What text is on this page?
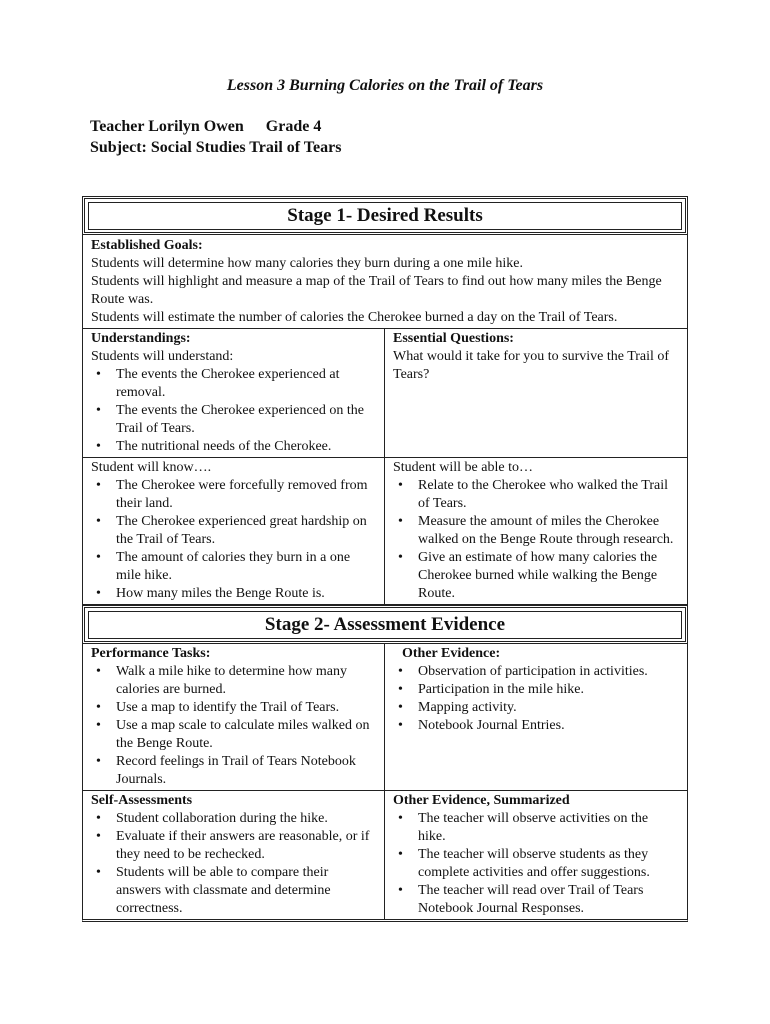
Lesson 3 Burning Calories on the Trail of Tears
Teacher Lorilyn Owen Grade 4
Subject: Social Studies Trail of Tears
Stage 1- Desired Results
Established Goals:
Students will determine how many calories they burn during a one mile hike.
Students will highlight and measure a map of the Trail of Tears to find out how many miles the Benge Route was.
Students will estimate the number of calories the Cherokee burned a day on the Trail of Tears.
Understandings:
Students will understand:
• The events the Cherokee experienced at removal.
• The events the Cherokee experienced on the Trail of Tears.
• The nutritional needs of the Cherokee.
Essential Questions:
What would it take for you to survive the Trail of Tears?
Student will know….
• The Cherokee were forcefully removed from their land.
• The Cherokee experienced great hardship on the Trail of Tears.
• The amount of calories they burn in a one mile hike.
• How many miles the Benge Route is.
Student will be able to…
• Relate to the Cherokee who walked the Trail of Tears.
• Measure the amount of miles the Cherokee walked on the Benge Route through research.
• Give an estimate of how many calories the Cherokee burned while walking the Benge Route.
Stage 2- Assessment Evidence
Performance Tasks:
• Walk a mile hike to determine how many calories are burned.
• Use a map to identify the Trail of Tears.
• Use a map scale to calculate miles walked on the Benge Route.
• Record feelings in Trail of Tears Notebook Journals.
Other Evidence:
• Observation of participation in activities.
• Participation in the mile hike.
• Mapping activity.
• Notebook Journal Entries.
Self-Assessments
• Student collaboration during the hike.
• Evaluate if their answers are reasonable, or if they need to be rechecked.
• Students will be able to compare their answers with classmate and determine correctness.
Other Evidence, Summarized
• The teacher will observe activities on the hike.
• The teacher will observe students as they complete activities and offer suggestions.
• The teacher will read over Trail of Tears Notebook Journal Responses.
